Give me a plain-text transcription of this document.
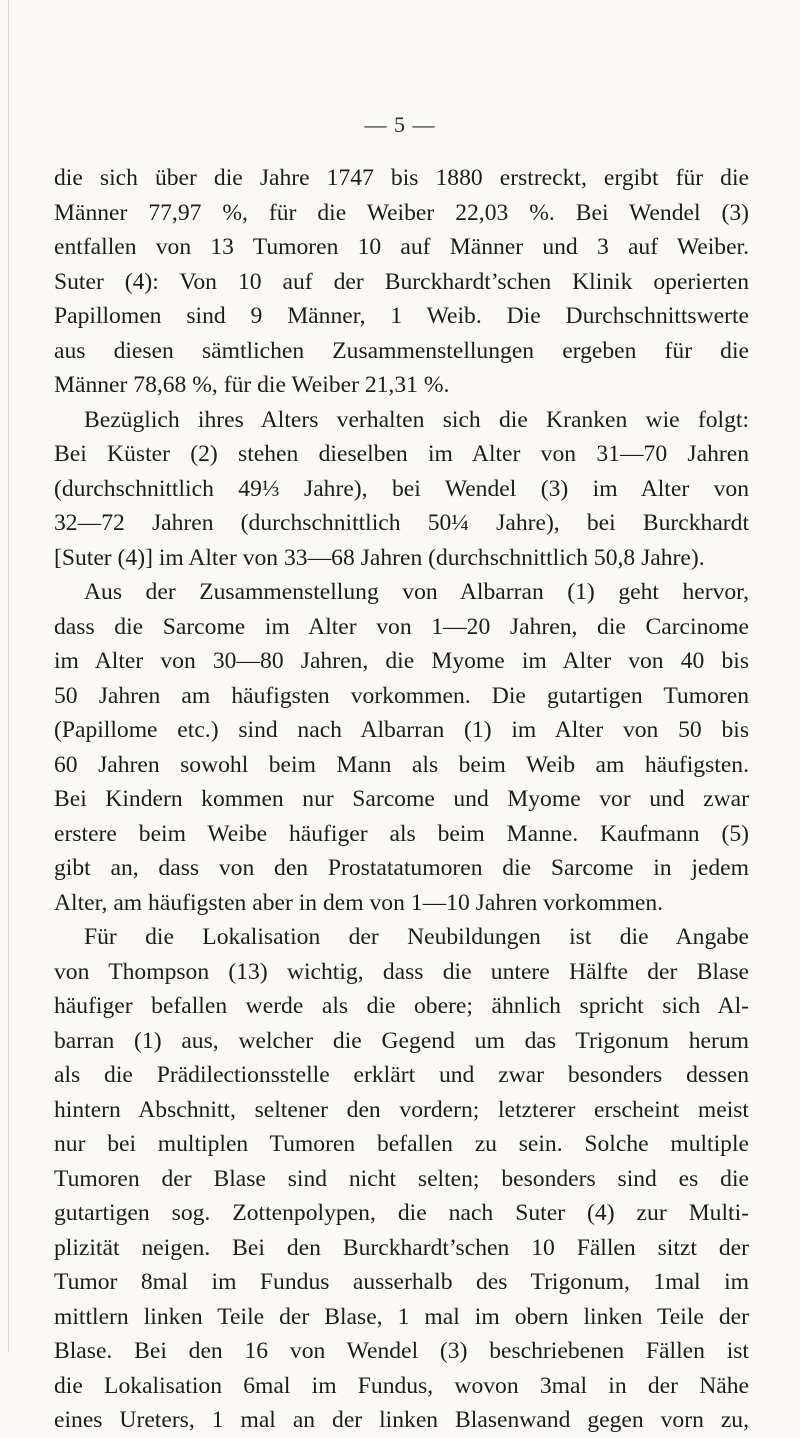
— 5 —
die sich über die Jahre 1747 bis 1880 erstreckt, ergibt für die
Männer 77,97 %, für die Weiber 22,03 %. Bei Wendel (3)
entfallen von 13 Tumoren 10 auf Männer und 3 auf Weiber.
Suter (4): Von 10 auf der Burckhardt’schen Klinik operierten
Papillomen sind 9 Männer, 1 Weib. Die Durchschnittswerte
aus diesen sämtlichen Zusammenstellungen ergeben für die
Männer 78,68 %, für die Weiber 21,31 %.
Bezüglich ihres Alters verhalten sich die Kranken wie folgt:
Bei Küster (2) stehen dieselben im Alter von 31—70 Jahren
(durchschnittlich 49⅓ Jahre), bei Wendel (3) im Alter von
32—72 Jahren (durchschnittlich 50¼ Jahre), bei Burckhardt
[Suter (4)] im Alter von 33—68 Jahren (durchschnittlich 50,8 Jahre).
Aus der Zusammenstellung von Albarran (1) geht hervor,
dass die Sarcome im Alter von 1—20 Jahren, die Carcinome
im Alter von 30—80 Jahren, die Myome im Alter von 40 bis
50 Jahren am häufigsten vorkommen. Die gutartigen Tumoren
(Papillome etc.) sind nach Albarran (1) im Alter von 50 bis
60 Jahren sowohl beim Mann als beim Weib am häufigsten.
Bei Kindern kommen nur Sarcome und Myome vor und zwar
erstere beim Weibe häufiger als beim Manne. Kaufmann (5)
gibt an, dass von den Prostatatumoren die Sarcome in jedem
Alter, am häufigsten aber in dem von 1—10 Jahren vorkommen.
Für die Lokalisation der Neubildungen ist die Angabe
von Thompson (13) wichtig, dass die untere Hälfte der Blase
häufiger befallen werde als die obere; ähnlich spricht sich Al-
barran (1) aus, welcher die Gegend um das Trigonum herum
als die Prädilectionsstelle erklärt und zwar besonders dessen
hintern Abschnitt, seltener den vordern; letzterer erscheint meist
nur bei multiplen Tumoren befallen zu sein. Solche multiple
Tumoren der Blase sind nicht selten; besonders sind es die
gutartigen sog. Zottenpolypen, die nach Suter (4) zur Multi-
plizität neigen. Bei den Burckhardt’schen 10 Fällen sitzt der
Tumor 8mal im Fundus ausserhalb des Trigonum, 1mal im
mittlern linken Teile der Blase, 1 mal im obern linken Teile der
Blase. Bei den 16 von Wendel (3) beschriebenen Fällen ist
die Lokalisation 6mal im Fundus, wovon 3mal in der Nähe
eines Ureters, 1 mal an der linken Blasenwand gegen vorn zu,
